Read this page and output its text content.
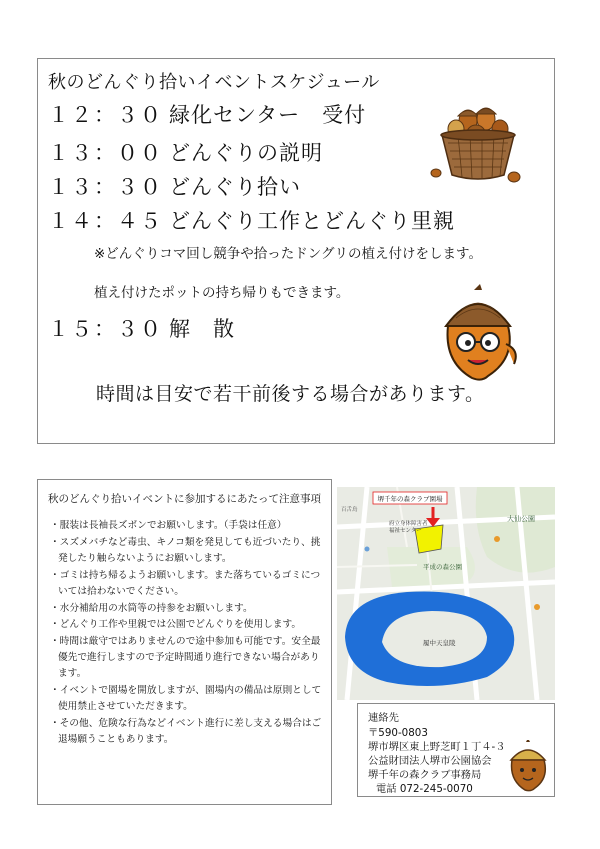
秋のどんぐり拾いイベントスケジュール
１２：３０ 緑化センター　受付
１３：００ どんぐりの説明
１３：３０ どんぐり拾い
１４：４５ どんぐり工作とどんぐり里親
※どんぐりコマ回し競争や拾ったドングリの植え付けをします。
植え付けたポットの持ち帰りもできます。
１５：３０ 解　散
時間は目安で若干前後する場合があります。
秋のどんぐり拾いイベントに参加するにあたって注意事項
・服装は長袖長ズボンでお願いします。（手袋は任意）
・スズメバチなど毒虫、キノコ類を発見しても近づいたり、挑発したり触らないようにお願いします。
・ゴミは持ち帰るようお願いします。また落ちているゴミについては拾わないでください。
・水分補給用の水筒等の持参をお願いします。
・どんぐり工作や里親では公園でどんぐりを使用します。
・時間は厳守ではありませんので途中参加も可能です。安全最優先で進行しますので予定時間通り進行できない場合があります。
・イベントで園場を開放しますが、園場内の備品は原則として使用禁止させていただきます。
・その他、危険な行為などイベント進行に差し支える場合はご退場願うこともあります。
堺千年の森クラブ園場
府立身体障害者
福祉センター
平成の森公園
大仙公園
履中天皇陵
百舌鳥
連絡先
〒590-0803
堺市堺区東上野芝町１丁４-３
公益財団法人堺市公園協会
堺千年の森クラブ事務局
電話 072-245-0070
